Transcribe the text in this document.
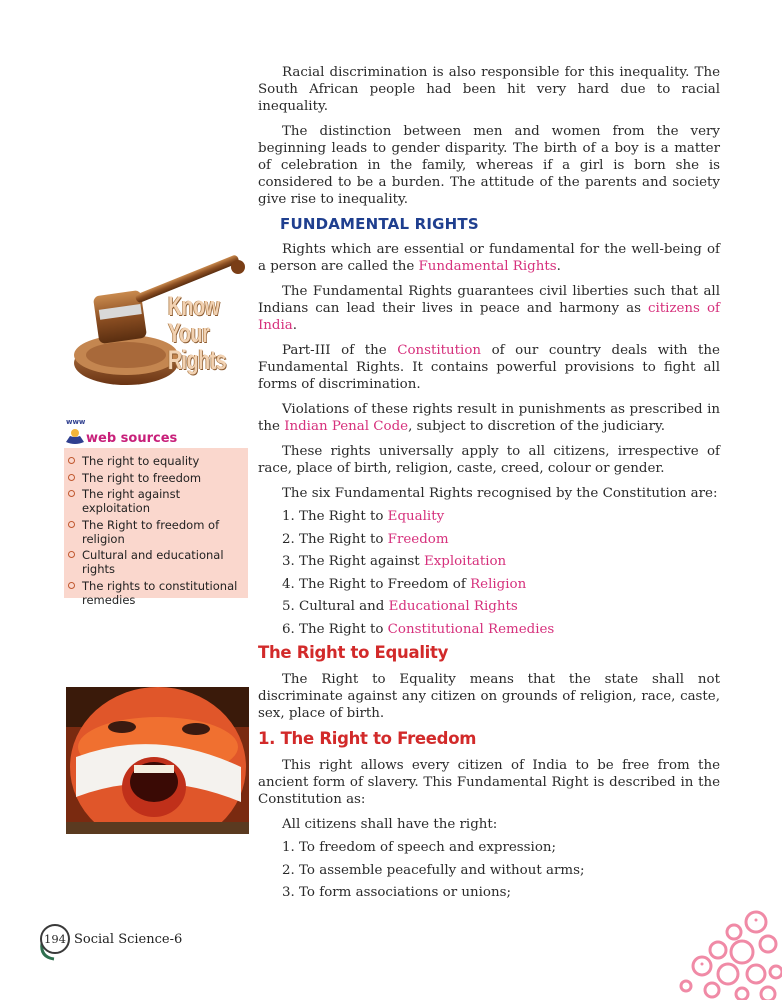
Racial discrimination is also responsible for this inequality. The South African people had been hit very hard due to racial inequality.

The distinction between men and women from the very beginning leads to gender disparity. The birth of a boy is a matter of celebration in the family, whereas if a girl is born she is considered to be a burden. The attitude of the parents and society give rise to inequality.

FUNDAMENTAL RIGHTS

Rights which are essential or fundamental for the well-being of a person are called the Fundamental Rights.

The Fundamental Rights guarantees civil liberties such that all Indians can lead their lives in peace and harmony as citizens of India.

Part-III of the Constitution of our country deals with the Fundamental Rights. It contains powerful provisions to fight all forms of discrimination.

Violations of these rights result in punishments as prescribed in the Indian Penal Code, subject to discretion of the judiciary.

These rights universally apply to all citizens, irrespective of race, place of birth, religion, caste, creed, colour or gender.

The six Fundamental Rights recognised by the Constitution are:

1. The Right to Equality
2. The Right to Freedom
3. The Right against Exploitation
4. The Right to Freedom of Religion
5. Cultural and Educational Rights
6. The Right to Constitutional Remedies
The Right to Equality

The Right to Equality means that the state shall not discriminate against any citizen on grounds of religion, race, caste, sex, place of birth.

1. The Right to Freedom

This right allows every citizen of India to be free from the ancient form of slavery. This Fundamental Right is described in the Constitution as:

All citizens shall have the right:

1. To freedom of speech and expression;
2. To assemble peacefully and without arms;
3. To form associations or unions;
Know
Your
Rights
www
web sources
The right to equality
The right to freedom
The right against exploitation
The Right to freedom of religion
Cultural and educational rights
The rights to constitutional remedies
194 Social Science-6
